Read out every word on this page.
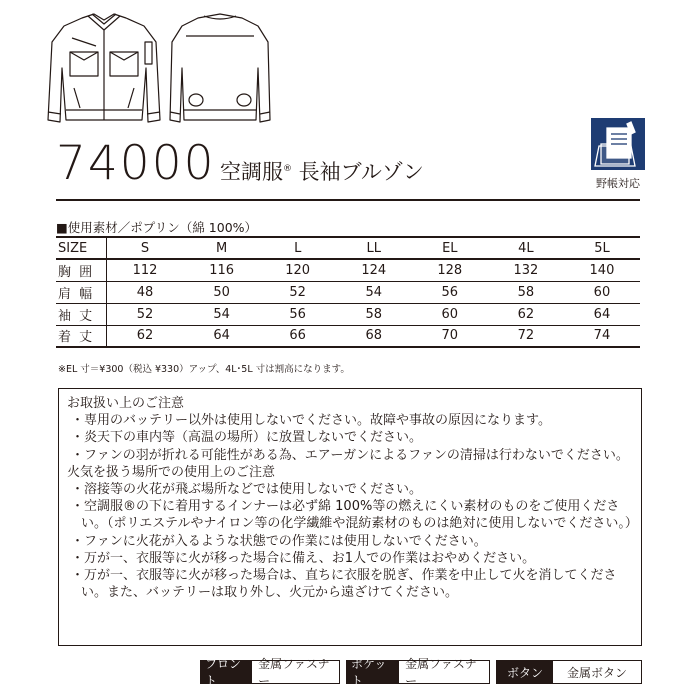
74000 空調服® 長袖ブルゾン	野帳対応
■使用素材／ポプリン（綿 100%）
SIZE	S	M	L	LL	EL	4L	5L
胸 囲	112	116	120	124	128	132	140
肩 幅	48	50	52	54	56	58	60
袖 丈	52	54	56	58	60	62	64
着 丈	62	64	66	68	70	72	74
※EL 寸＝¥300（税込 ¥330）アップ、4L･5L 寸は割高になります。
お取扱い上のご注意
・ 専用のバッテリー以外は使用しないでください。故障や事故の原因になります。
・ 炎天下の車内等（高温の場所）に放置しないでください。
・ ファンの羽が折れる可能性がある為、エアーガンによるファンの清掃は行わないでください。
火気を扱う場所での使用上のご注意
・ 溶接等の火花が飛ぶ場所などでは使用しないでください。
・ 空調服®の下に着用するインナーは必ず綿 100%等の燃えにくい素材のものをご使用ください。（ポリエステルやナイロン等の化学繊維や混紡素材のものは絶対に使用しないでください。）
・ ファンに火花が入るような状態での作業には使用しないでください。
・ 万が一、衣服等に火が移った場合に備え、お1人での作業はおやめください。
・ 万が一、衣服等に火が移った場合は、直ちに衣服を脱ぎ、作業を中止して火を消してください。また、バッテリーは取り外し、火元から遠ざけてください。
フロント
金属ファスナー
ポケット
金属ファスナー
ボタン	金属ボタン
